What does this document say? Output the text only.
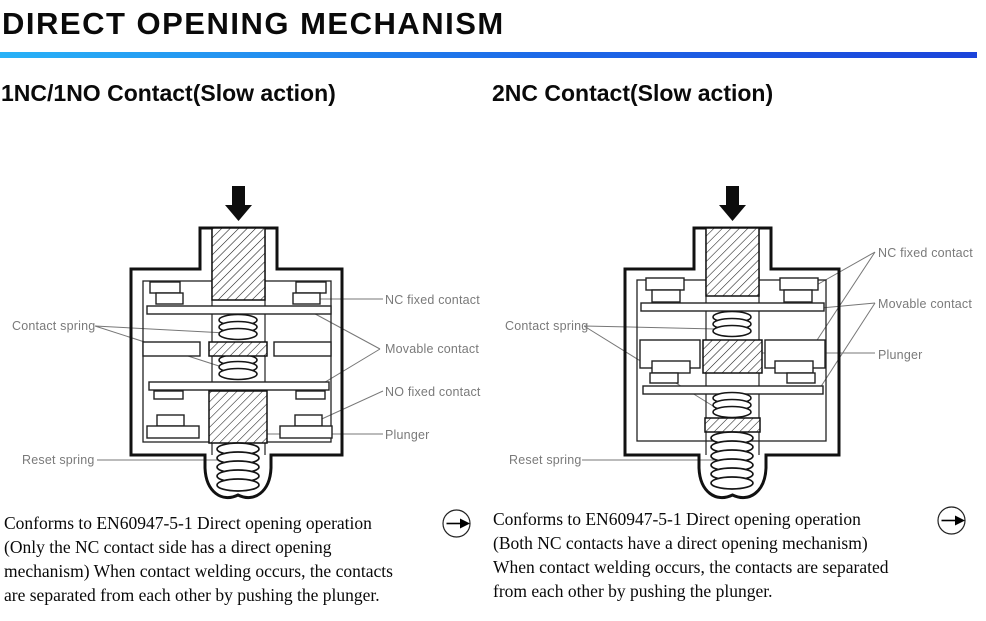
DIRECT OPENING MECHANISM
1NC/1NO Contact(Slow action)	2NC Contact(Slow action)
Contact spring
Reset spring
NC fixed contact
Movable contact
NO fixed contact
Plunger
Contact spring
Reset spring
NC fixed contact
Movable contact
Plunger
Conforms to EN60947-5-1 Direct opening operation
(Only the NC contact side has a direct opening
mechanism) When contact welding occurs, the contacts
are separated from each other by pushing the plunger.
Conforms to EN60947-5-1 Direct opening operation
(Both NC contacts have a direct opening mechanism)
When contact welding occurs, the contacts are separated
from each other by pushing the plunger.
